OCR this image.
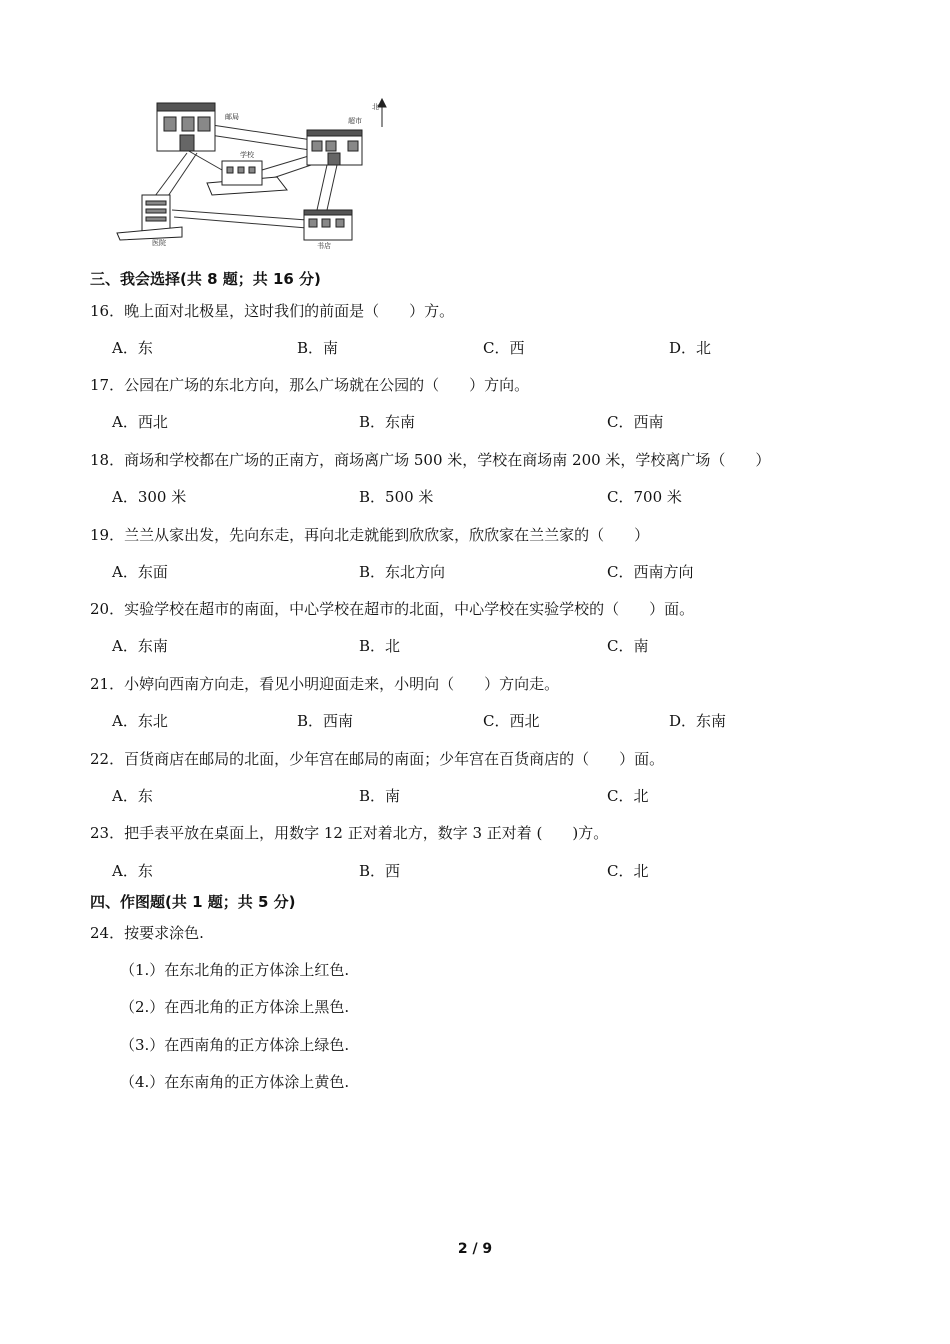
邮局	超市
学校
北
医院	书店
三、我会选择(共 8 题；共 16 分)
16．晚上面对北极星，这时我们的前面是（　　）方。
A．东	B．南	C．西	D．北
17．公园在广场的东北方向，那么广场就在公园的（　　）方向。
A．西北	B．东南	C．西南
18．商场和学校都在广场的正南方，商场离广场 500 米，学校在商场南 200 米，学校离广场（　　）
A．300 米	B．500 米	C．700 米
19．兰兰从家出发，先向东走，再向北走就能到欣欣家，欣欣家在兰兰家的（　　）
A．东面	B．东北方向	C．西南方向
20．实验学校在超市的南面，中心学校在超市的北面，中心学校在实验学校的（　　）面。
A．东南	B．北	C．南
21．小婷向西南方向走，看见小明迎面走来，小明向（　　）方向走。
A．东北	B．西南	C．西北	D．东南
22．百货商店在邮局的北面，少年宫在邮局的南面；少年宫在百货商店的（　　）面。
A．东	B．南	C．北
23．把手表平放在桌面上，用数字 12 正对着北方，数字 3 正对着 (　　)方。
A．东	B．西	C．北
四、作图题(共 1 题；共 5 分)
24．按要求涂色.
（1.）在东北角的正方体涂上红色.
（2.）在西北角的正方体涂上黑色.
（3.）在西南角的正方体涂上绿色.
（4.）在东南角的正方体涂上黄色.
2 / 9
